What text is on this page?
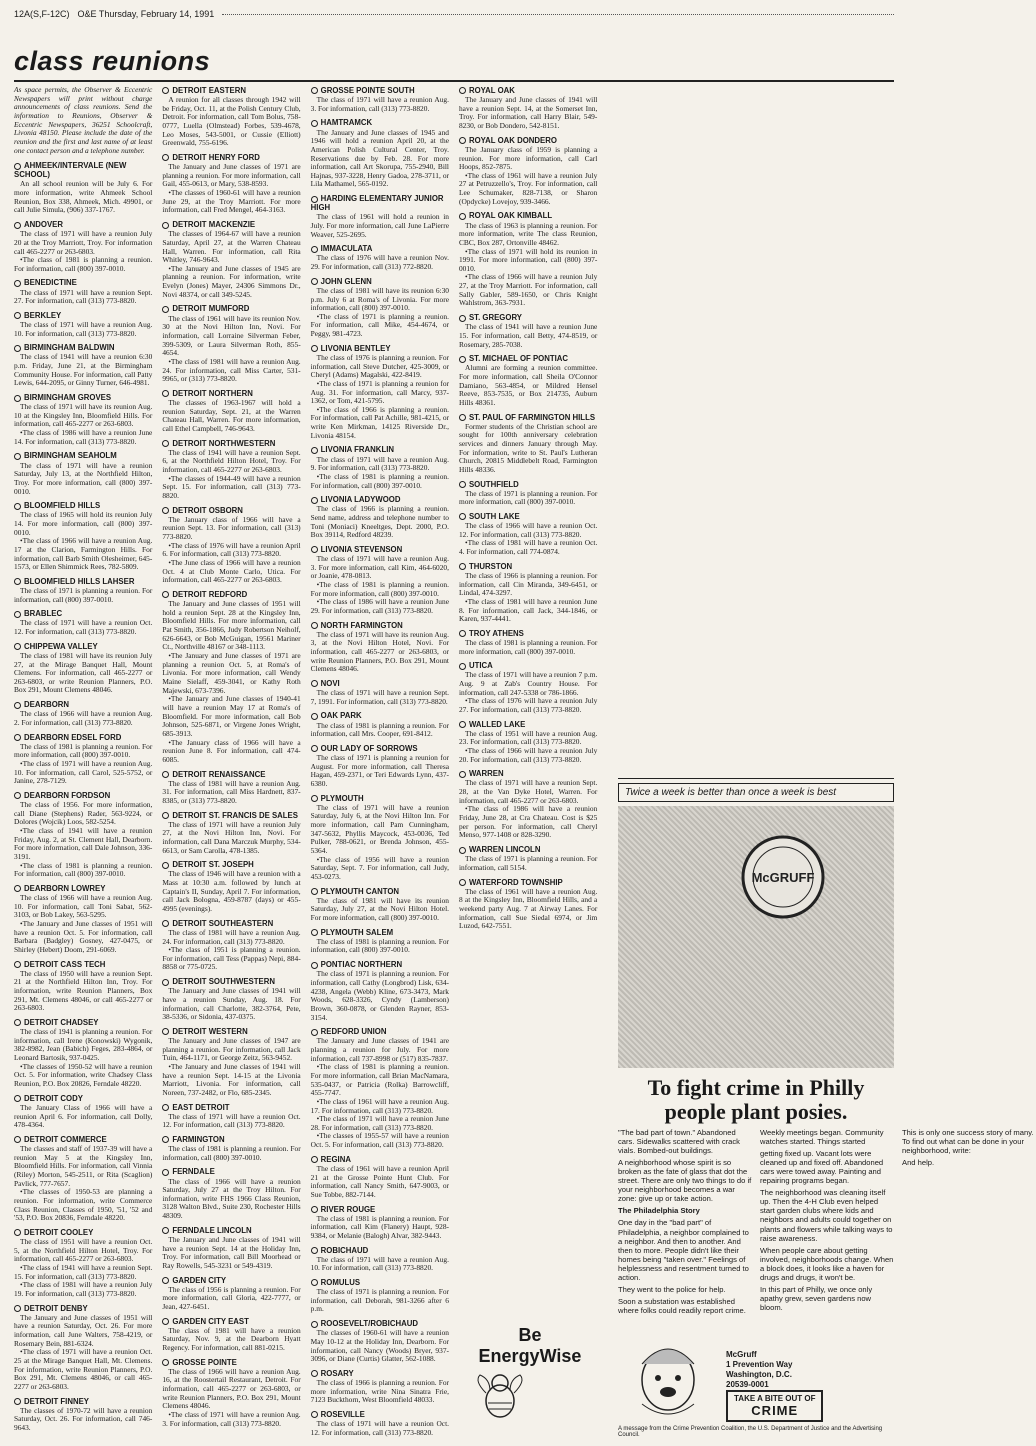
12A(S,F-12C) O&E Thursday, February 14, 1991
class reunions

As space permits, the Observer & Eccentric Newspapers will print without charge announcements of class reunions. Send the information to Reunions, Observer & Eccentric Newspapers, 36251 Schoolcraft, Livonia 48150. Please include the date of the reunion and the first and last name of at least one contact person and a telephone number.

AHMEEK/INTERVALE (NEW SCHOOL)

An all school reunion will be July 6. For more information, write Ahmeek School Reunion, Box 338, Ahmeek, Mich. 49901, or call Julie Simula, (906) 337-1767.

ANDOVER

The class of 1971 will have a reunion July 20 at the Troy Marriott, Troy. For information call 465-2277 or 263-6803.

• The class of 1981 is planning a reunion. For information, call (800) 397-0010.

BENEDICTINE

The class of 1971 will have a reunion Sept. 27. For information, call (313) 773-8820.

BERKLEY

The class of 1971 will have a reunion Aug. 10. For information, call (313) 773-8820.

BIRMINGHAM BALDWIN

The class of 1941 will have a reunion 6:30 p.m. Friday, June 21, at the Birmingham Community House. For information, call Patty Lewis, 644-2095, or Ginny Turner, 646-4981.

BIRMINGHAM GROVES

The class of 1971 will have its reunion Aug. 10 at the Kingsley Inn, Bloomfield Hills. For information, call 465-2277 or 263-6803.

• The class of 1986 will have a reunion June 14. For information, call (313) 773-8820.

BIRMINGHAM SEAHOLM

The class of 1971 will have a reunion Saturday, July 13, at the Northfield Hilton, Troy. For more information, call (800) 397-0010.

BLOOMFIELD HILLS

The class of 1965 will hold its reunion July 14. For more information, call (800) 397-0010.

• The class of 1966 will have a reunion Aug. 17 at the Clarion, Farmington Hills. For information, call Barb Smith Olesheimer, 645-1573, or Ellen Shimmick Rees, 782-5809.

BLOOMFIELD HILLS LAHSER

The class of 1971 is planning a reunion. For information, call (800) 397-0010.

BRABLEC

The class of 1971 will have a reunion Oct. 12. For information, call (313) 773-8820.

CHIPPEWA VALLEY

The class of 1981 will have its reunion July 27, at the Mirage Banquet Hall, Mount Clemens. For information, call 465-2277 or 263-6803, or write Reunion Planners, P.O. Box 291, Mount Clemens 48046.

DEARBORN

The class of 1966 will have a reunion Aug. 2. For information, call (313) 773-8820.

DEARBORN EDSEL FORD

The class of 1981 is planning a reunion. For more information, call (800) 397-0010.

• The class of 1971 will have a reunion Aug. 10. For information, call Carol, 525-5752, or Janine, 278-7129.

DEARBORN FORDSON

The class of 1956. For more information, call Diane (Stephens) Rader, 563-9224, or Dolores (Wojcik) Loos, 582-5254.

• The class of 1941 will have a reunion Friday, Aug. 2, at St. Clement Hall, Dearborn. For more information, call Dale Johnson, 336-3191.

• The class of 1981 is planning a reunion. For information, call (800) 397-0010.

DEARBORN LOWREY

The class of 1966 will have a reunion Aug. 10. For information, call Toni Sabat, 562-3103, or Bob Lakey, 563-5295.

• The January and June classes of 1951 will have a reunion Oct. 5. For information, call Barbara (Badgley) Gosney, 427-0475, or Shirley (Hebert) Doom, 291-6069.

DETROIT CASS TECH

The class of 1950 will have a reunion Sept. 21 at the Northfield Hilton Inn, Troy. For information, write Reunion Planners, Box 291, Mt. Clemens 48046, or call 465-2277 or 263-6803.

DETROIT CHADSEY

The class of 1941 is planning a reunion. For information, call Irene (Konowski) Wygonik, 382-8982, Jean (Babich) Feges, 283-4864, or Leonard Bartosik, 937-0425.

• The classes of 1950-52 will have a reunion Oct. 5. For information, write Chadsey Class Reunion, P.O. Box 20826, Ferndale 48220.

DETROIT CODY

The January Class of 1966 will have a reunion April 6. For information, call Dolly, 478-4364.

DETROIT COMMERCE

The classes and staff of 1937-39 will have a reunion May 5 at the Kingsley Inn, Bloomfield Hills. For information, call Vinnia (Riley) Morton, 545-2511, or Rita (Scaglion) Pavlick, 777-7657.

• The classes of 1950-53 are planning a reunion. For information, write Commerce Class Reunion, Classes of 1950, '51, '52 and '53, P.O. Box 20836, Ferndale 48220.

DETROIT COOLEY

The class of 1951 will have a reunion Oct. 5, at the Northfield Hilton Hotel, Troy. For information, call 465-2277 or 263-6803.

• The class of 1941 will have a reunion Sept. 15. For information, call (313) 773-8820.

• The class of 1981 will have a reunion July 19. For information, call (313) 773-8820.

DETROIT DENBY

The January and June classes of 1951 will have a reunion Saturday, Oct. 26. For more information, call June Walters, 758-4219, or Rosemary Bein, 881-6324.

• The class of 1971 will have a reunion Oct. 25 at the Mirage Banquet Hall, Mt. Clemens. For information, write Reunion Planners, P.O. Box 291, Mt. Clemens 48046, or call 465-2277 or 263-6803.

DETROIT FINNEY

The classes of 1970-72 will have a reunion Saturday, Oct. 26. For information, call 746-9643.

DETROIT EASTERN

A reunion for all classes through 1942 will be Friday, Oct. 11, at the Polish Century Club, Detroit. For information, call Tom Bolus, 758-0777, Luella (Olmstead) Forbes, 539-4678, Leo Moses, 543-5001, or Cussie (Elliott) Greenwald, 755-6196.

DETROIT HENRY FORD

The January and June classes of 1971 are planning a reunion. For more information, call Gail, 455-0613, or Mary, 538-8593.

• The classes of 1960-61 will have a reunion June 29, at the Troy Marriott. For more information, call Fred Mengel, 464-3163.

DETROIT MACKENZIE

The classes of 1964-67 will have a reunion Saturday, April 27, at the Warren Chateau Hall, Warren. For information, call Rita Whitley, 746-9643.

• The January and June classes of 1945 are planning a reunion. For information, write Evelyn (Jones) Mayer, 24306 Simmons Dr., Novi 48374, or call 349-5245.

DETROIT MUMFORD

The class of 1961 will have its reunion Nov. 30 at the Novi Hilton Inn, Novi. For information, call Lorraine Silverman Feber, 399-5309, or Laura Silverman Roth, 855-4654.

• The class of 1981 will have a reunion Aug. 24. For information, call Miss Carter, 531-9965, or (313) 773-8820.

DETROIT NORTHERN

The classes of 1963-1967 will hold a reunion Saturday, Sept. 21, at the Warren Chateau Hall, Warren. For more information, call Ethel Campbell, 746-9643.

DETROIT NORTHWESTERN

The class of 1941 will have a reunion Sept. 6, at the Northfield Hilton Hotel, Troy. For information, call 465-2277 or 263-6803.

• The classes of 1944-49 will have a reunion Sept. 15. For information, call (313) 773-8820.

DETROIT OSBORN

The January class of 1966 will have a reunion Sept. 13. For information, call (313) 773-8820.

• The class of 1976 will have a reunion April 6. For information, call (313) 773-8820.

• The June class of 1966 will have a reunion Oct. 4 at Club Monte Carlo, Utica. For information, call 465-2277 or 263-6803.

DETROIT REDFORD

The January and June classes of 1951 will hold a reunion Sept. 28 at the Kingsley Inn, Bloomfield Hills. For more information, call Pat Smith, 356-1866, Judy Robertson Neiholf, 626-6643, or Bob McGuigan, 19561 Mariner Ct., Northville 48167 or 348-1113.

• The January and June classes of 1971 are planning a reunion Oct. 5, at Roma's of Livonia. For more information, call Wendy Maine Sielaff, 459-3041, or Kathy Roth Majewski, 673-7396.

• The January and June classes of 1940-41 will have a reunion May 17 at Roma's of Bloomfield. For more information, call Bob Johnson, 525-6871, or Virgene Jones Wright, 685-3913.

• The January class of 1966 will have a reunion June 8. For information, call 474-6085.

DETROIT RENAISSANCE

The class of 1981 will have a reunion Aug. 31. For information, call Miss Hardnett, 837-8385, or (313) 773-8820.

DETROIT ST. FRANCIS DE SALES

The class of 1971 will have a reunion July 27, at the Novi Hilton Inn, Novi. For information, call Dana Marczuk Murphy, 534-6613, or Sam Carolla, 478-1385.

DETROIT ST. JOSEPH

The class of 1946 will have a reunion with a Mass at 10:30 a.m. followed by lunch at Captain's II, Sunday, April 7. For information, call Jack Bologna, 459-8787 (days) or 455-4995 (evenings).

DETROIT SOUTHEASTERN

The class of 1981 will have a reunion Aug. 24. For information, call (313) 773-8820.

• The class of 1951 is planning a reunion. For information, call Tess (Pappas) Nepi, 884-8858 or 775-0725.

DETROIT SOUTHWESTERN

The January and June classes of 1941 will have a reunion Sunday, Aug. 18. For information, call Charlotte, 382-3764, Pete, 38-5336, or Sidonia, 437-0375.

DETROIT WESTERN

The January and June classes of 1947 are planning a reunion. For information, call Jack Tuin, 464-1171, or George Zeitz, 563-9452.

• The January and June classes of 1941 will have a reunion Sept. 14-15 at the Livonia Marriott, Livonia. For information, call Noreen, 737-2482, or Flo, 685-2345.

EAST DETROIT

The class of 1971 will have a reunion Oct. 12. For information, call (313) 773-8820.

FARMINGTON

The class of 1981 is planning a reunion. For information, call (800) 397-0010.

FERNDALE

The class of 1966 will have a reunion Saturday, July 27 at the Troy Hilton. For information, write FHS 1966 Class Reunion, 3128 Walton Blvd., Suite 230, Rochester Hills 48309.

FERNDALE LINCOLN

The January and June classes of 1941 will have a reunion Sept. 14 at the Holiday Inn, Troy. For information, call Bill Moorhead or Ray Rowells, 545-3231 or 549-4319.

GARDEN CITY

The class of 1956 is planning a reunion. For more information, call Gloria, 422-7777, or Jean, 427-6451.

GARDEN CITY EAST

The class of 1981 will have a reunion Saturday, Nov. 9, at the Dearborn Hyatt Regency. For information, call 881-0215.

GROSSE POINTE

The class of 1966 will have a reunion Aug. 16, at the Roostertail Restaurant, Detroit. For information, call 465-2277 or 263-6803, or write Reunion Planners, P.O. Box 291, Mount Clemens 48046.

• The class of 1971 will have a reunion Aug. 3. For information, call (313) 773-8820.

GROSSE POINTE SOUTH

The class of 1971 will have a reunion Aug. 3. For information, call (313) 773-8820.

HAMTRAMCK

The January and June classes of 1945 and 1946 will hold a reunion April 20, at the American Polish Cultural Center, Troy. Reservations due by Feb. 28. For more information, call Art Skorupa, 755-2940, Bill Hajnas, 937-3228, Henry Gadoa, 278-3711, or Lila Mathamel, 565-0192.

HARDING ELEMENTARY JUNIOR HIGH

The class of 1961 will hold a reunion in July. For more information, call June LaPierre Weaver, 525-2695.

IMMACULATA

The class of 1976 will have a reunion Nov. 29. For information, call (313) 772-8820.

JOHN GLENN

The class of 1981 will have its reunion 6:30 p.m. July 6 at Roma's of Livonia. For more information, call (800) 397-0010.

• The class of 1971 is planning a reunion. For information, call Mike, 454-4674, or Peggy, 981-4723.

LIVONIA BENTLEY

The class of 1976 is planning a reunion. For information, call Steve Dutcher, 425-3009, or Cheryl (Adams) Magalski, 422-8419.

• The class of 1971 is planning a reunion for Aug. 31. For information, call Marcy, 937-1362, or Tom, 421-5795.

• The class of 1966 is planning a reunion. For information, call Pat Achille, 981-4215, or write Ken Mirkman, 14125 Riverside Dr., Livonia 48154.

LIVONIA FRANKLIN

The class of 1971 will have a reunion Aug. 9. For information, call (313) 773-8820.

• The class of 1981 is planning a reunion. For information, call (800) 397-0010.

LIVONIA LADYWOOD

The class of 1966 is planning a reunion. Send name, address and telephone number to Toni (Moniaci) Kneeltges, Dept. 2000, P.O. Box 39114, Redford 48239.

LIVONIA STEVENSON

The class of 1971 will have a reunion Aug. 3. For more information, call Kim, 464-6020, or Joanie, 478-0813.

• The class of 1981 is planning a reunion. For more information, call (800) 397-0010.

• The class of 1986 will have a reunion June 29. For information, call (313) 773-8820.

NORTH FARMINGTON

The class of 1971 will have its reunion Aug. 3, at the Novi Hilton Hotel, Novi. For information, call 465-2277 or 263-6803, or write Reunion Planners, P.O. Box 291, Mount Clemens 48046.

NOVI

The class of 1971 will have a reunion Sept. 7, 1991. For information, call (313) 773-8820.

OAK PARK

The class of 1981 is planning a reunion. For information, call Mrs. Cooper, 691-8412.

OUR LADY OF SORROWS

The class of 1971 is planning a reunion for August. For more information, call Theresa Hagan, 459-2371, or Teri Edwards Lynn, 437-6380.

PLYMOUTH

The class of 1971 will have a reunion Saturday, July 6, at the Novi Hilton Inn. For more information, call Pam Cunningham, 347-5632, Phyllis Maycock, 453-0036, Ted Pulker, 788-0621, or Brenda Johnson, 455-5364.

• The class of 1956 will have a reunion Saturday, Sept. 7. For information, call Judy, 453-0273.

PLYMOUTH CANTON

The class of 1981 will have its reunion Saturday, July 27, at the Novi Hilton Hotel. For more information, call (800) 397-0010.

PLYMOUTH SALEM

The class of 1981 is planning a reunion. For information, call (800) 397-0010.

PONTIAC NORTHERN

The class of 1971 is planning a reunion. For information, call Cathy (Longbrod) Lisk, 634-4238, Angela (Webb) Kline, 673-3473, Mark Woods, 628-3326, Cyndy (Lamberson) Brown, 360-0878, or Glenden Rayner, 853-3154.

REDFORD UNION

The January and June classes of 1941 are planning a reunion for July. For more information, call 737-8998 or (517) 835-7837.

• The class of 1981 is planning a reunion. For more information, call Brian MacNamara, 535-0437, or Patricia (Rolka) Barrowcliff, 455-7747.

• The class of 1961 will have a reunion Aug. 17. For information, call (313) 773-8820.

• The class of 1971 will have a reunion June 28. For information, call (313) 773-8820.

• The classes of 1955-57 will have a reunion Oct. 5. For information, call (313) 773-8820.

REGINA

The class of 1961 will have a reunion April 21 at the Grosse Pointe Hunt Club. For information, call Nancy Smith, 647-9003, or Sue Tobbe, 882-7144.

RIVER ROUGE

The class of 1981 is planning a reunion. For information, call Kim (Flanery) Haupt, 928-9384, or Melanie (Balogh) Alvar, 382-9443.

ROBICHAUD

The class of 1971 will have a reunion Aug. 10. For information, call (313) 773-8820.

ROMULUS

The class of 1971 is planning a reunion. For information, call Deborah, 981-3266 after 6 p.m.

ROOSEVELT/ROBICHAUD

The classes of 1960-61 will have a reunion May 10-12 at the Holiday Inn, Dearborn. For information, call Nancy (Woods) Bryer, 937-3096, or Diane (Curtis) Glatter, 562-1088.

ROSARY

The class of 1966 is planning a reunion. For more information, write Nina Sinatra Frie, 7123 Buckthorn, West Bloomfield 48033.

ROSEVILLE

The class of 1971 will have a reunion Oct. 12. For information, call (313) 773-8820.

ROYAL OAK

The January and June classes of 1941 will have a reunion Sept. 14, at the Somerset Inn, Troy. For information, call Harry Blair, 549-8230, or Bob Dondero, 542-8151.

ROYAL OAK DONDERO

The January class of 1959 is planning a reunion. For more information, call Carl Hoops, 852-7875.

• The class of 1961 will have a reunion July 27 at Petruzzello's, Troy. For information, call Lee Schumaker, 828-7138, or Sharon (Opdycke) Lovejoy, 939-3466.

ROYAL OAK KIMBALL

The class of 1963 is planning a reunion. For more information, write The class Reunion, CBC, Box 287, Ortonville 48462.

• The class of 1971 will hold its reunion in 1991. For more information, call (800) 397-0010.

• The class of 1966 will have a reunion July 27, at the Troy Marriott. For information, call Sally Gabler, 589-1650, or Chris Knight Wahlstrom, 363-7931.

ST. GREGORY

The class of 1941 will have a reunion June 15. For information, call Betty, 474-8519, or Rosemary, 285-7038.

ST. MICHAEL OF PONTIAC

Alumni are forming a reunion committee. For more information, call Sheila O'Connor Damiano, 563-4854, or Mildred Hensel Reeve, 853-7535, or Box 214735, Auburn Hills 48361.

ST. PAUL OF FARMINGTON HILLS

Former students of the Christian school are sought for 100th anniversary celebration services and dinners January through May. For information, write to St. Paul's Lutheran Church, 20815 Middlebelt Road, Farmington Hills 48336.

SOUTHFIELD

The class of 1971 is planning a reunion. For more information, call (800) 397-0010.

SOUTH LAKE

The class of 1966 will have a reunion Oct. 12. For information, call (313) 773-8820.

• The class of 1981 will have a reunion Oct. 4. For information, call 774-0874.

THURSTON

The class of 1966 is planning a reunion. For information, call Cin Miranda, 349-6451, or Lindal, 474-3297.

• The class of 1981 will have a reunion June 8. For information, call Jack, 344-1846, or Karen, 937-4441.

TROY ATHENS

The class of 1981 is planning a reunion. For more information, call (800) 397-0010.

UTICA

The class of 1971 will have a reunion 7 p.m. Aug. 9 at Zab's Country House. For information, call 247-5338 or 786-1866.

• The class of 1976 will have a reunion July 27. For information, call (313) 773-8820.

WALLED LAKE

The class of 1951 will have a reunion Aug. 23. For information, call (313) 773-8820.

• The class of 1966 will have a reunion July 20. For information, call (313) 773-8820.

WARREN

The class of 1971 will have a reunion Sept. 28, at the Van Dyke Hotel, Warren. For information, call 465-2277 or 263-6803.

• The class of 1986 will have a reunion Friday, June 28, at Cra Chateau. Cost is $25 per person. For information, call Cheryl Menso, 977-1408 or 828-3290.

WARREN LINCOLN

The class of 1971 is planning a reunion. For information, call 5154.

WATERFORD TOWNSHIP

The class of 1961 will have a reunion Aug. 8 at the Kingsley Inn, Bloomfield Hills, and a weekend party Aug. 7 at Airway Lanes. For information, call Sue Siedal 6974, or Jim Luzod, 642-7551.

Be
EnergyWise
Twice a week is better than once a week is best
McGRUFF
To fight crime in Philly people plant posies.

"The bad part of town." Abandoned cars. Sidewalks scattered with crack vials. Bombed-out buildings.

A neighborhood whose spirit is so broken as the fate of glass that dot the street. There are only two things to do if your neighborhood becomes a war zone: give up or take action.

The Philadelphia Story

One day in the "bad part" of Philadelphia, a neighbor complained to a neighbor. And then to another. And then to more. People didn't like their homes being "taken over." Feelings of helplessness and resentment turned to action.

They went to the police for help.

Soon a substation was established where folks could readily report crime. Weekly meetings began. Community watches started. Things started

getting fixed up. Vacant lots were cleaned up and fixed off. Abandoned cars were towed away. Painting and repairing programs began.

The neighborhood was cleaning itself up. Then the 4-H Club even helped start garden clubs where kids and neighbors and adults could together on plants and flowers while talking ways to raise awareness.

When people care about getting involved, neighborhoods change. When a block does, it looks like a haven for drugs and drugs, it won't be.

In this part of Philly, we once only apathy grew, seven gardens now bloom.

This is only one success story of many. To find out what can be done in your neighborhood, write:

And help.

McGruff
1 Prevention Way
Washington, D.C.
20539-0001
TAKE A BITE OUT OF
CRIME
A message from the Crime Prevention Coalition, the U.S. Department of Justice and the Advertising Council.
